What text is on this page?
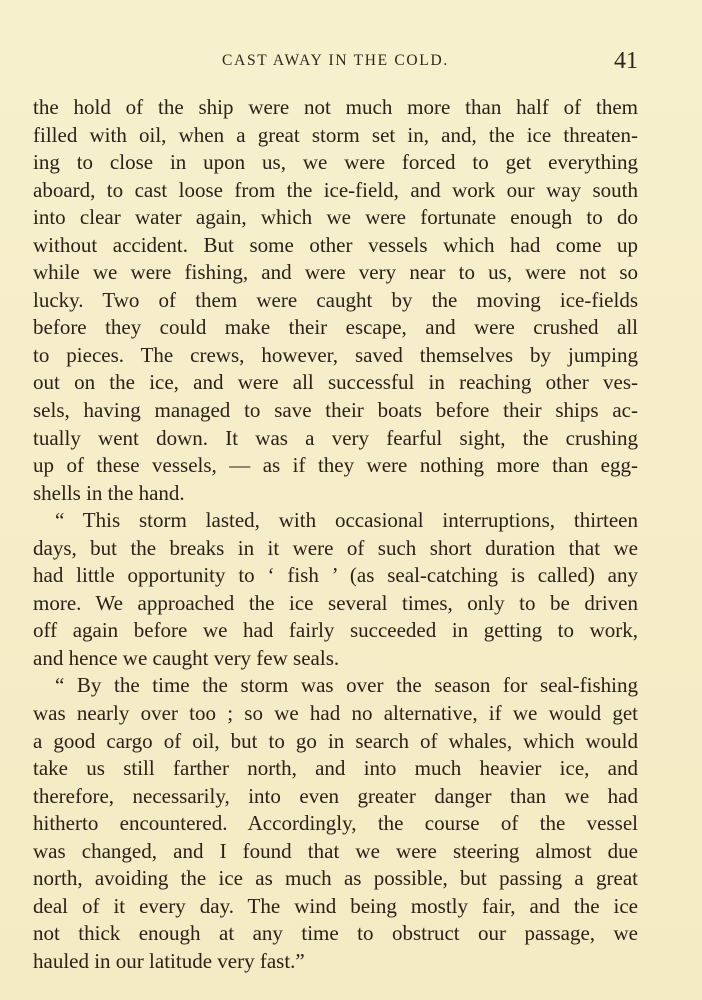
CAST AWAY IN THE COLD.	41
the hold of the ship were not much more than half of them
filled with oil, when a great storm set in, and, the ice threaten-
ing to close in upon us, we were forced to get everything
aboard, to cast loose from the ice-field, and work our way south
into clear water again, which we were fortunate enough to do
without accident. But some other vessels which had come up
while we were fishing, and were very near to us, were not so
lucky. Two of them were caught by the moving ice-fields
before they could make their escape, and were crushed all
to pieces. The crews, however, saved themselves by jumping
out on the ice, and were all successful in reaching other ves-
sels, having managed to save their boats before their ships ac-
tually went down. It was a very fearful sight, the crushing
up of these vessels, — as if they were nothing more than egg-
shells in the hand.
“ This storm lasted, with occasional interruptions, thirteen
days, but the breaks in it were of such short duration that we
had little opportunity to ‘ fish ’ (as seal-catching is called) any
more. We approached the ice several times, only to be driven
off again before we had fairly succeeded in getting to work,
and hence we caught very few seals.
“ By the time the storm was over the season for seal-fishing
was nearly over too ; so we had no alternative, if we would get
a good cargo of oil, but to go in search of whales, which would
take us still farther north, and into much heavier ice, and
therefore, necessarily, into even greater danger than we had
hitherto encountered. Accordingly, the course of the vessel
was changed, and I found that we were steering almost due
north, avoiding the ice as much as possible, but passing a great
deal of it every day. The wind being mostly fair, and the ice
not thick enough at any time to obstruct our passage, we
hauled in our latitude very fast.”
